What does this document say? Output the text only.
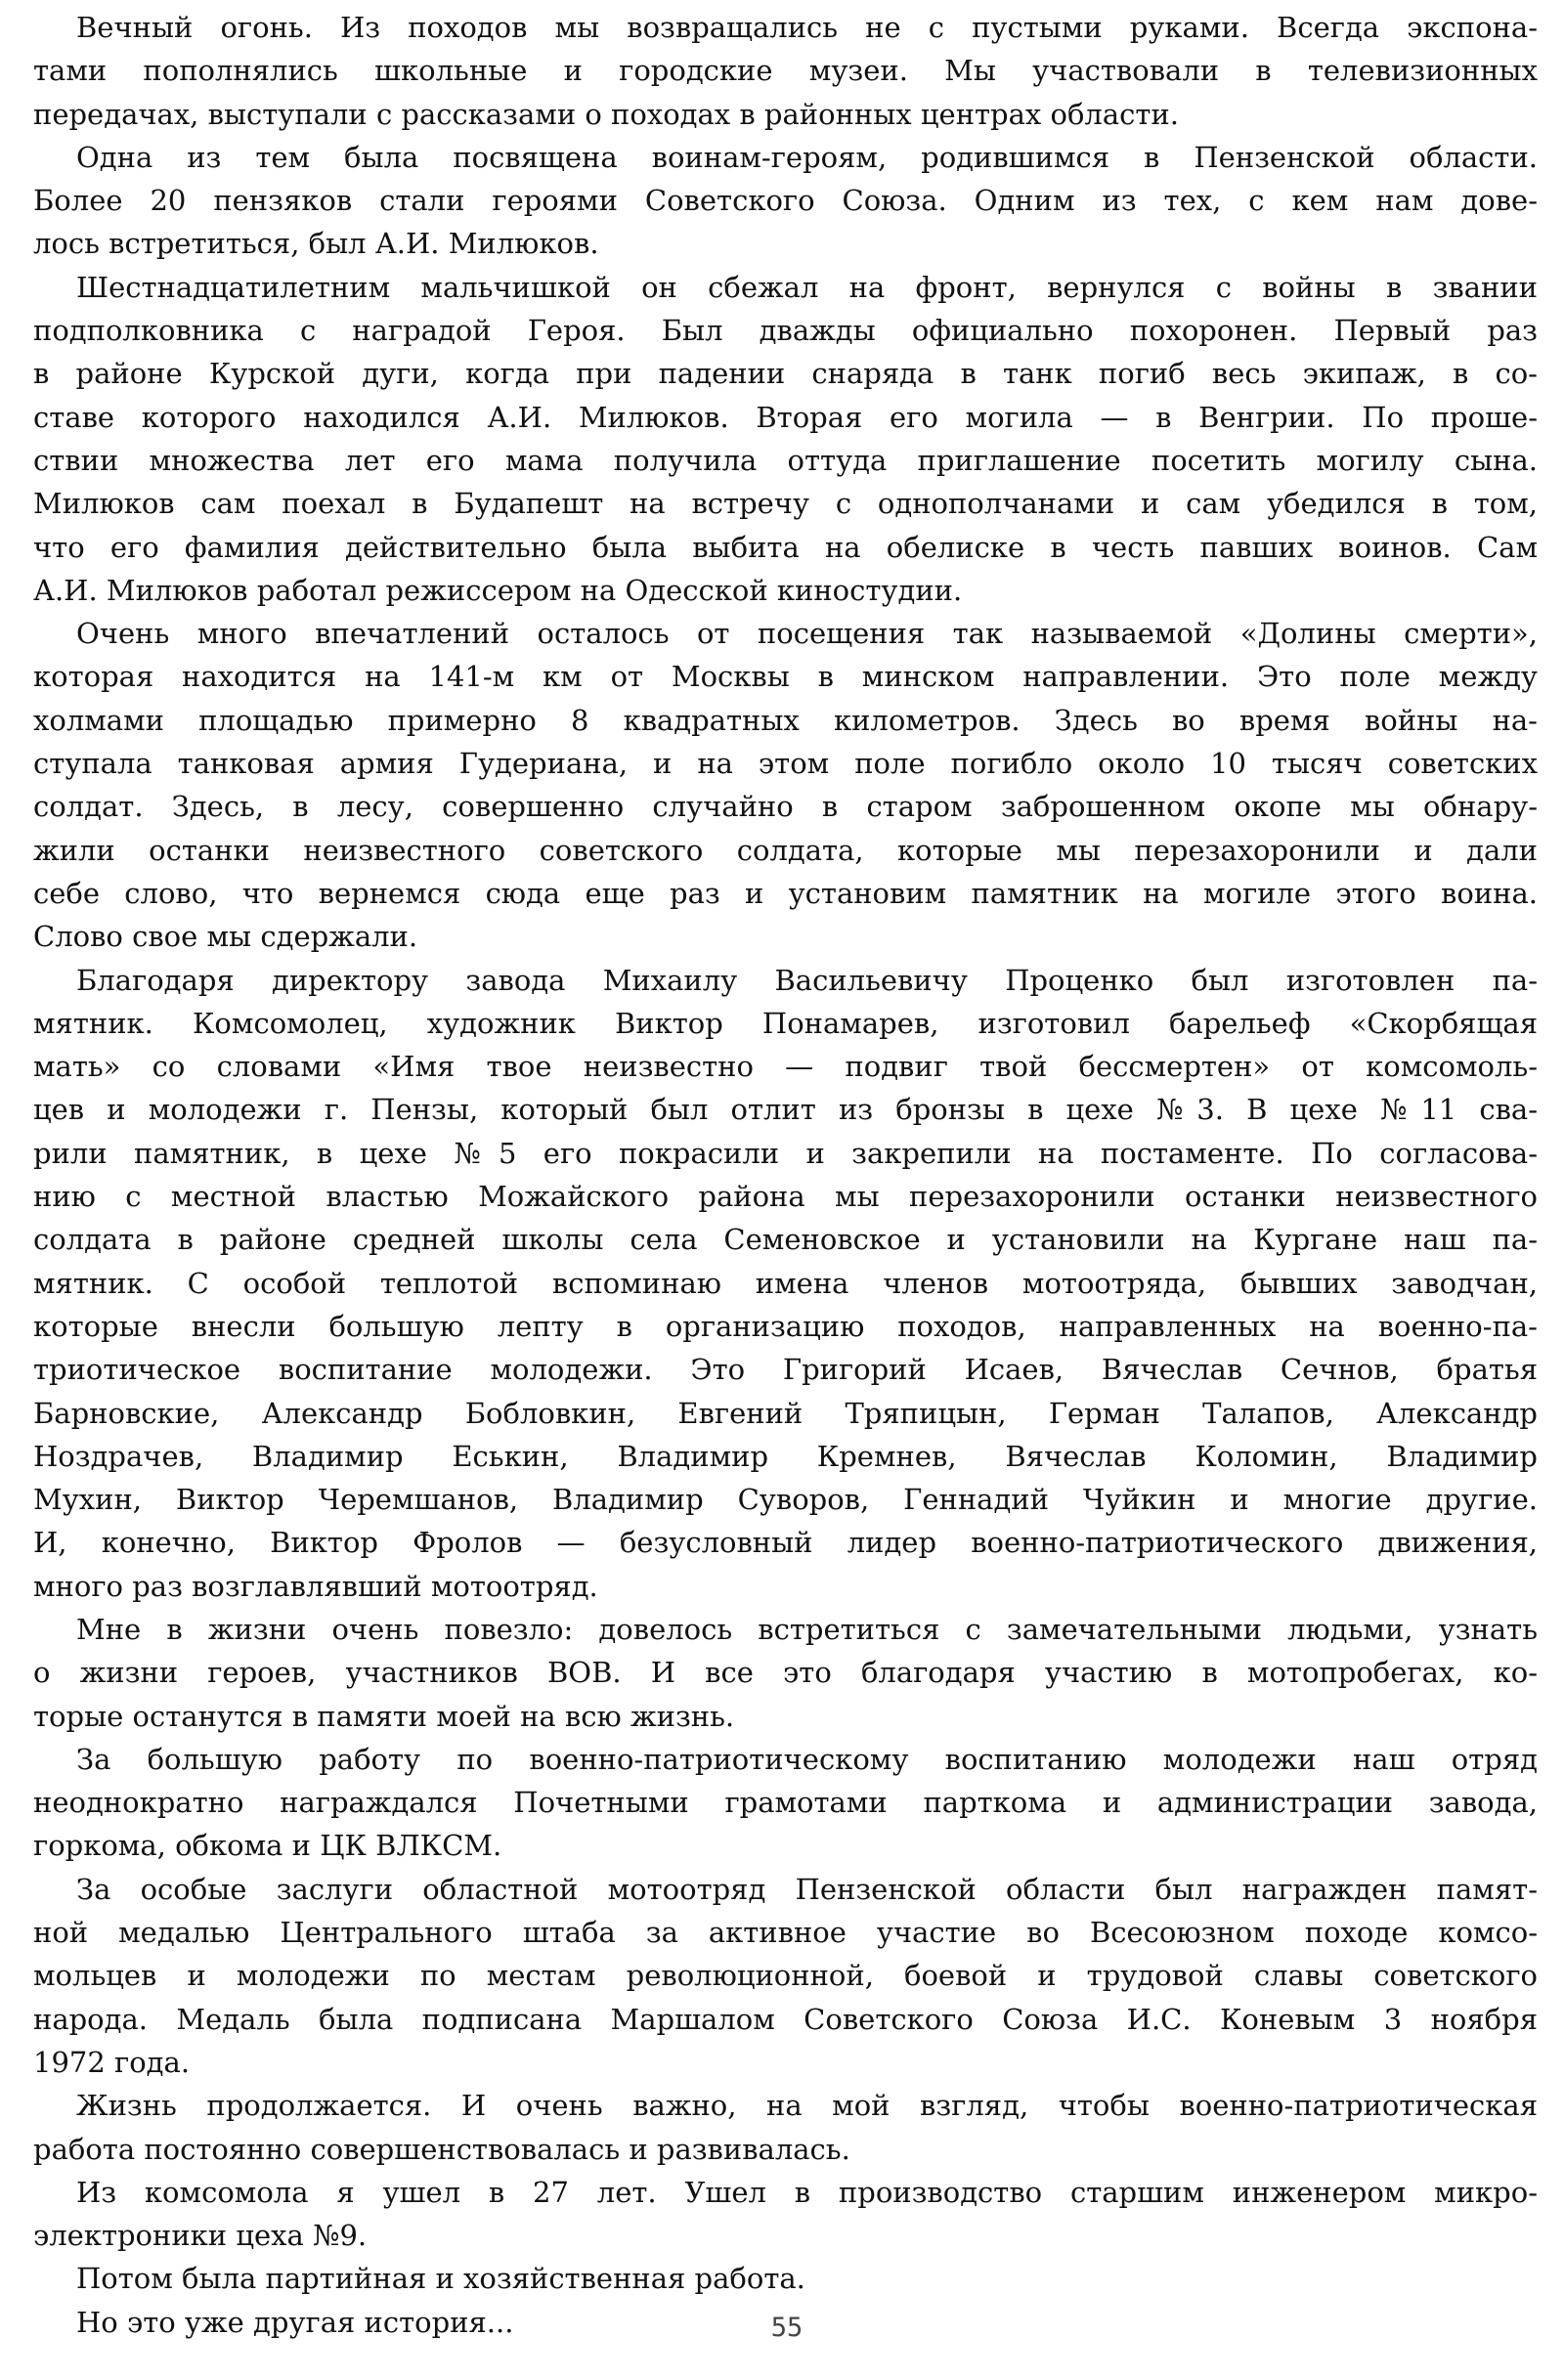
Вечный огонь. Из походов мы возвращались не с пустыми руками. Всегда экспона-
тами пополнялись школьные и городские музеи. Мы участвовали в телевизионных
передачах, выступали с рассказами о походах в районных центрах области.
Одна из тем была посвящена воинам-героям, родившимся в Пензенской области.
Более 20 пензяков стали героями Советского Союза. Одним из тех, с кем нам дове-
лось встретиться, был А.И. Милюков.
Шестнадцатилетним мальчишкой он сбежал на фронт, вернулся с войны в звании
подполковника с наградой Героя. Был дважды официально похоронен. Первый раз
в районе Курской дуги, когда при падении снаряда в танк погиб весь экипаж, в со-
ставе которого находился А.И. Милюков. Вторая его могила — в Венгрии. По проше-
ствии множества лет его мама получила оттуда приглашение посетить могилу сына.
Милюков сам поехал в Будапешт на встречу с однополчанами и сам убедился в том,
что его фамилия действительно была выбита на обелиске в честь павших воинов. Сам
А.И. Милюков работал режиссером на Одесской киностудии.
Очень много впечатлений осталось от посещения так называемой «Долины смерти»,
которая находится на 141-м км от Москвы в минском направлении. Это поле между
холмами площадью примерно 8 квадратных километров. Здесь во время войны на-
ступала танковая армия Гудериана, и на этом поле погибло около 10 тысяч советских
солдат. Здесь, в лесу, совершенно случайно в старом заброшенном окопе мы обнару-
жили останки неизвестного советского солдата, которые мы перезахоронили и дали
себе слово, что вернемся сюда еще раз и установим памятник на могиле этого воина.
Слово свое мы сдержали.
Благодаря директору завода Михаилу Васильевичу Проценко был изготовлен па-
мятник. Комсомолец, художник Виктор Понамарев, изготовил барельеф «Скорбящая
мать» со словами «Имя твое неизвестно — подвиг твой бессмертен» от комсомоль-
цев и молодежи г. Пензы, который был отлит из бронзы в цехе №3. В цехе №11 сва-
рили памятник, в цехе №5 его покрасили и закрепили на постаменте. По согласова-
нию с местной властью Можайского района мы перезахоронили останки неизвестного
солдата в районе средней школы села Семеновское и установили на Кургане наш па-
мятник. С особой теплотой вспоминаю имена членов мотоотряда, бывших заводчан,
которые внесли большую лепту в организацию походов, направленных на военно-па-
триотическое воспитание молодежи. Это Григорий Исаев, Вячеслав Сечнов, братья
Барновские, Александр Бобловкин, Евгений Тряпицын, Герман Талапов, Александр
Ноздрачев, Владимир Еськин, Владимир Кремнев, Вячеслав Коломин, Владимир
Мухин, Виктор Черемшанов, Владимир Суворов, Геннадий Чуйкин и многие другие.
И, конечно, Виктор Фролов — безусловный лидер военно-патриотического движения,
много раз возглавлявший мотоотряд.
Мне в жизни очень повезло: довелось встретиться с замечательными людьми, узнать
о жизни героев, участников ВОВ. И все это благодаря участию в мотопробегах, ко-
торые останутся в памяти моей на всю жизнь.
За большую работу по военно-патриотическому воспитанию молодежи наш отряд
неоднократно награждался Почетными грамотами парткома и администрации завода,
горкома, обкома и ЦК ВЛКСМ.
За особые заслуги областной мотоотряд Пензенской области был награжден памят-
ной медалью Центрального штаба за активное участие во Всесоюзном походе комсо-
мольцев и молодежи по местам революционной, боевой и трудовой славы советского
народа. Медаль была подписана Маршалом Советского Союза И.С. Коневым 3 ноября
1972 года.
Жизнь продолжается. И очень важно, на мой взгляд, чтобы военно-патриотическая
работа постоянно совершенствовалась и развивалась.
Из комсомола я ушел в 27 лет. Ушел в производство старшим инженером микро-
электроники цеха №9.
Потом была партийная и хозяйственная работа.
Но это уже другая история...	55
